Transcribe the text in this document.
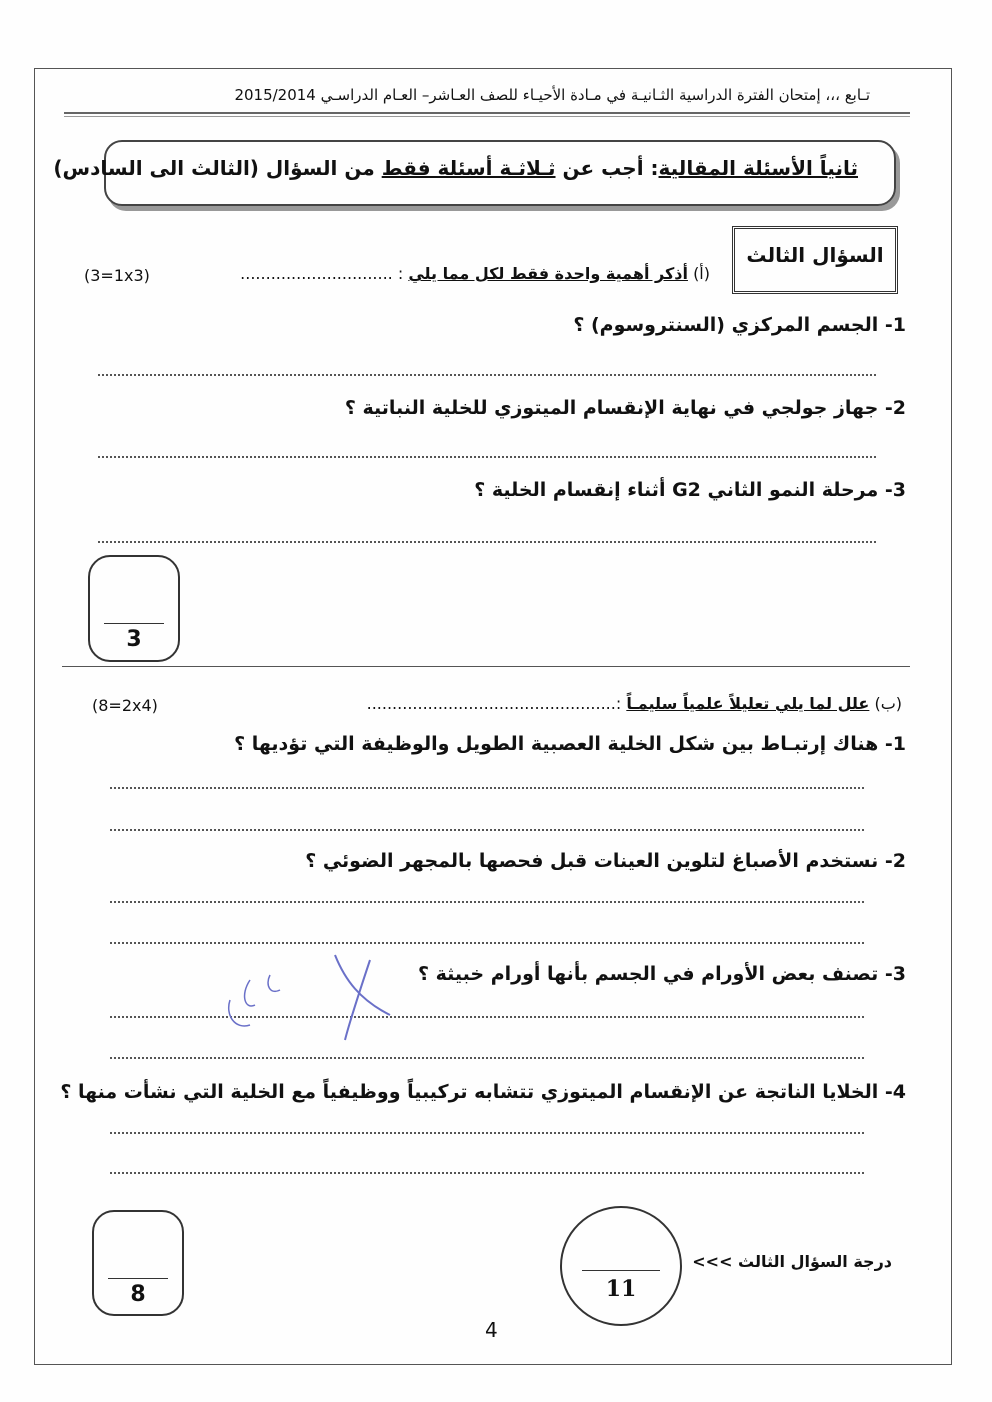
تـابع ،،، إمتحان الفترة الدراسية الثـانيـة في مـادة الأحيـاء للصف العـاشر– العـام الدراسـي 2015/2014
ثانياً الأسئلة المقالية: أجب عن ثـلاثـة أسئلة فقط من السؤال (الثالث الى السادس)
السؤال الثالث
(أ) أذكر أهمية واحدة فقط لكل مما يلي : ..............................
(3=1x3)
1- الجسم المركزي (السنتروسوم) ؟
2- جهاز جولجي في نهاية الإنقسام الميتوزي للخلية النباتية ؟
3- مرحلة النمو الثاني G2 أثناء إنقسام الخلية ؟
3
(ب) علل لما يلي تعليلاً علمياً سليمـاً :.................................................
(8=2x4)
1- هناك إرتبـاط بين شكل الخلية العصبية الطويل والوظيفة التي تؤديها ؟
2- نستخدم الأصباغ لتلوين العينات قبل فحصها بالمجهر الضوئي ؟
3- تصنف بعض الأورام في الجسم بأنها أورام خبيثة ؟
4- الخلايا الناتجة عن الإنقسام الميتوزي تتشابه تركيبياً ووظيفياً مع الخلية التي نشأت منها ؟
8	11
درجة السؤال الثالث >>>
4
